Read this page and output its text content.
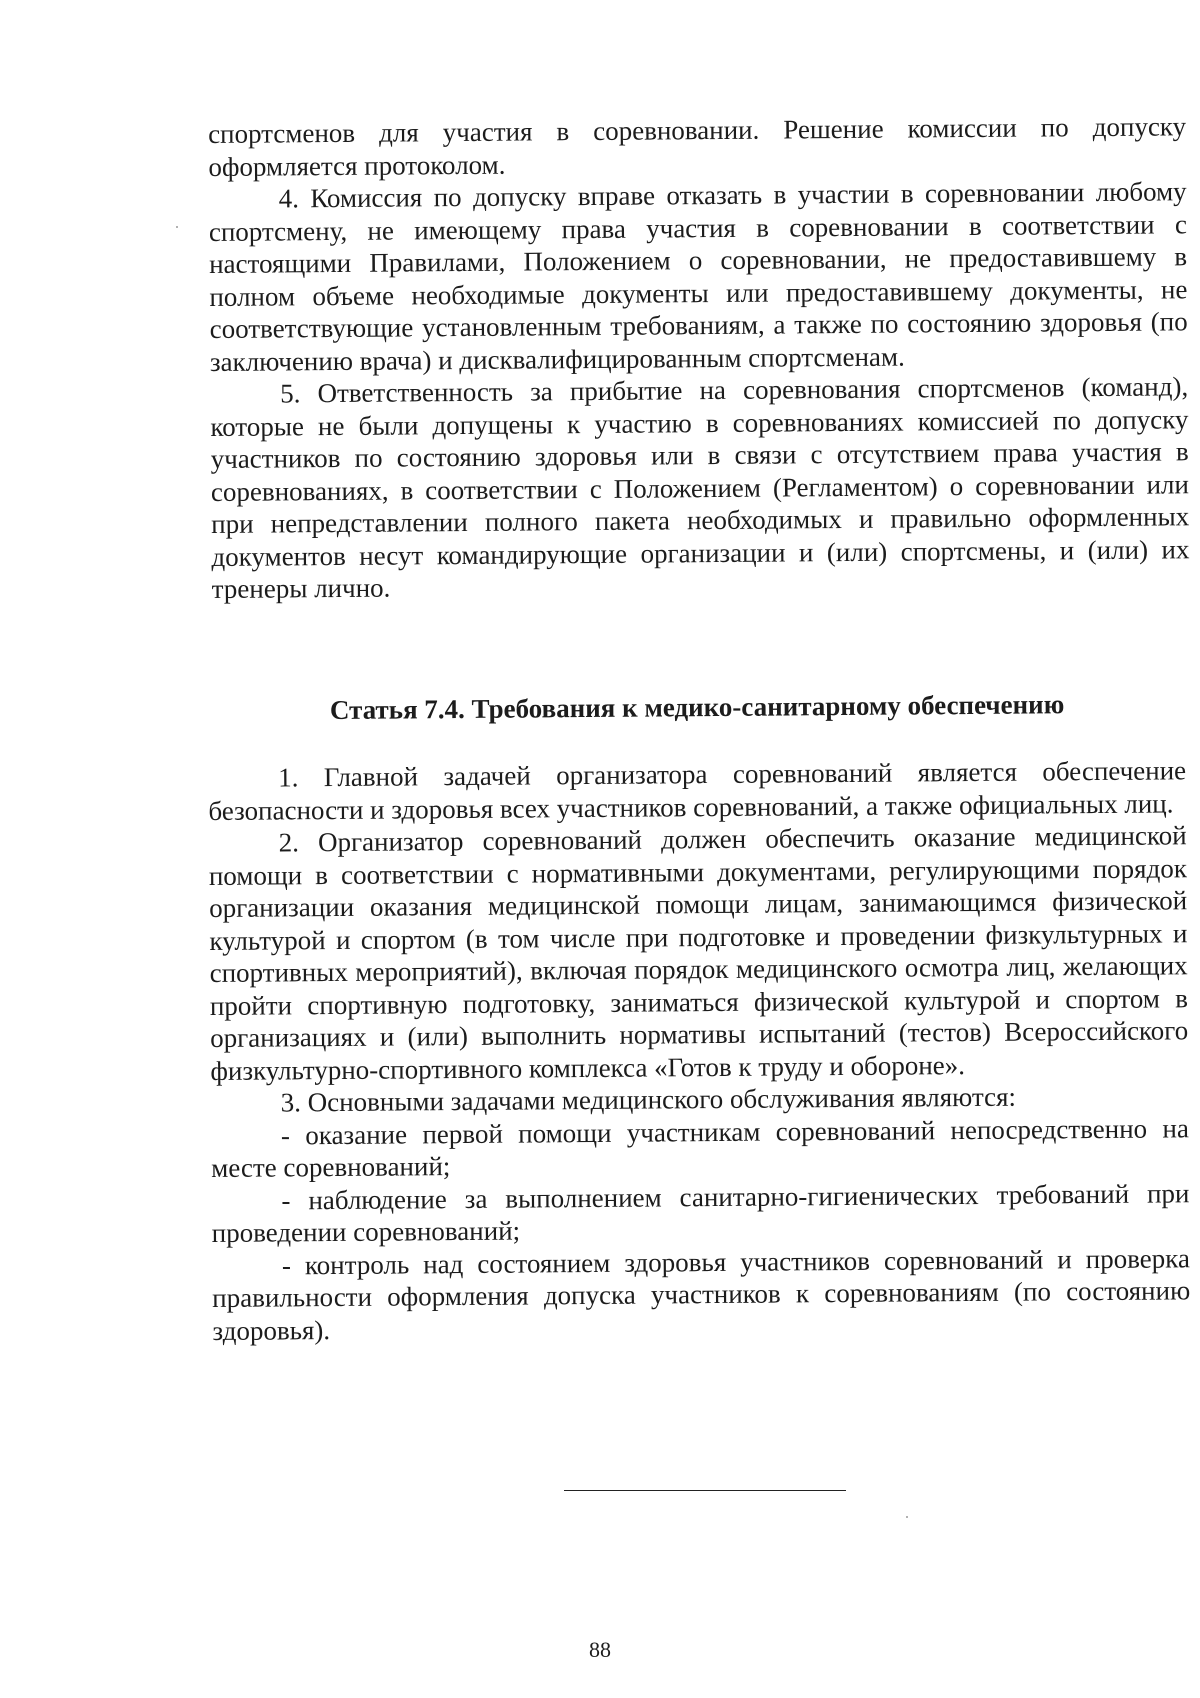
спортсменов для участия в соревновании. Решение комиссии по допуску оформляется протоколом.

4. Комиссия по допуску вправе отказать в участии в соревновании любому спортсмену, не имеющему права участия в соревновании в соответствии с настоящими Правилами, Положением о соревновании, не предоставившему в полном объеме необходимые документы или предоставившему документы, не соответствующие установленным требованиям, а также по состоянию здоровья (по заключению врача) и дисквалифицированным спортсменам.

5. Ответственность за прибытие на соревнования спортсменов (команд), которые не были допущены к участию в соревнованиях комиссией по допуску участников по состоянию здоровья или в связи с отсутствием права участия в соревнованиях, в соответствии с Положением (Регламентом) о соревновании или при непредставлении полного пакета необходимых и правильно оформленных документов несут командирующие организации и (или) спортсмены, и (или) их тренеры лично.

Статья 7.4. Требования к медико-санитарному обеспечению

1. Главной задачей организатора соревнований является обеспечение безопасности и здоровья всех участников соревнований, а также официальных лиц.

2. Организатор соревнований должен обеспечить оказание медицинской помощи в соответствии с нормативными документами, регулирующими порядок организации оказания медицинской помощи лицам, занимающимся физической культурой и спортом (в том числе при подготовке и проведении физкультурных и спортивных мероприятий), включая порядок медицинского осмотра лиц, желающих пройти спортивную подготовку, заниматься физической культурой и спортом в организациях и (или) выполнить нормативы испытаний (тестов) Всероссийского физкультурно-спортивного комплекса «Готов к труду и обороне».

3. Основными задачами медицинского обслуживания являются:

- оказание первой помощи участникам соревнований непосредственно на месте соревнований;

- наблюдение за выполнением санитарно-гигиенических требований при проведении соревнований;

- контроль над состоянием здоровья участников соревнований и проверка правильности оформления допуска участников к соревнованиям (по состоянию здоровья).

88
